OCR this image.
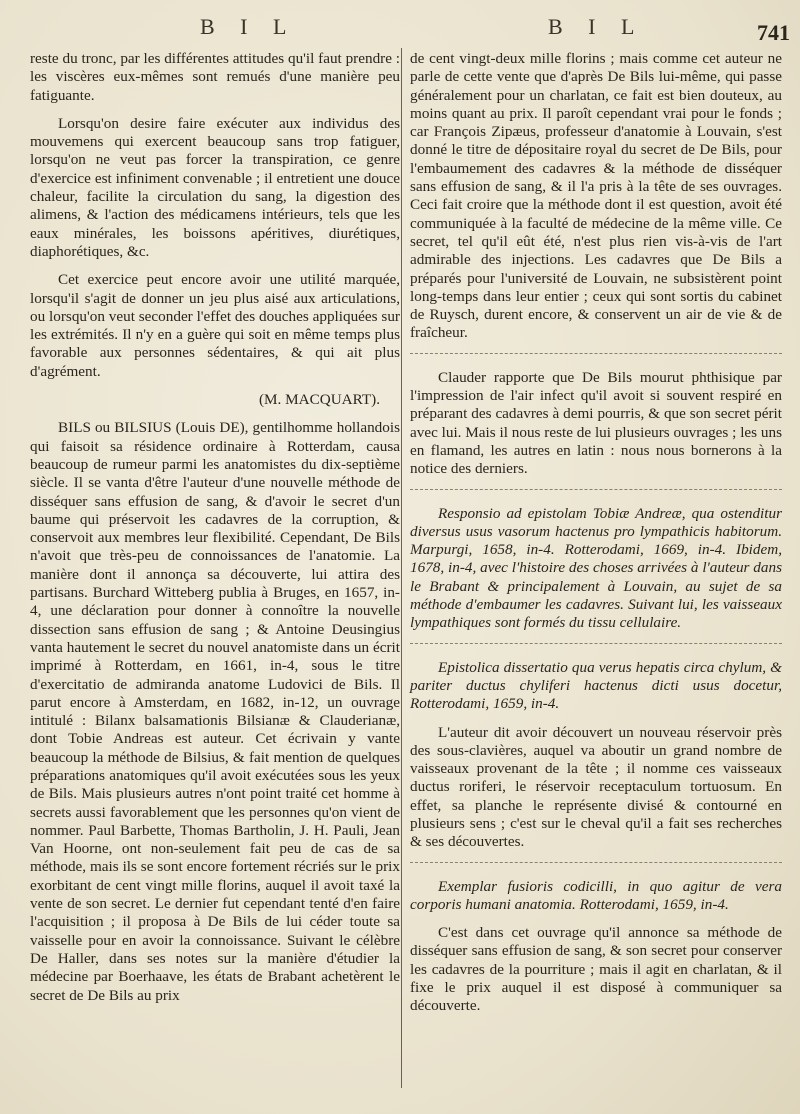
B I L	B I L	741

reste du tronc, par les différentes attitudes qu'il faut prendre : les viscères eux-mêmes sont remués d'une manière peu fatiguante.

Lorsqu'on desire faire exécuter aux individus des mouvemens qui exercent beaucoup sans trop fatiguer, lorsqu'on ne veut pas forcer la transpiration, ce genre d'exercice est infiniment convenable ; il entretient une douce chaleur, facilite la circulation du sang, la digestion des alimens, & l'action des médicamens intérieurs, tels que les eaux minérales, les boissons apéritives, diurétiques, diaphorétiques, &c.

Cet exercice peut encore avoir une utilité marquée, lorsqu'il s'agit de donner un jeu plus aisé aux articulations, ou lorsqu'on veut seconder l'effet des douches appliquées sur les extrémités. Il n'y en a guère qui soit en même temps plus favorable aux personnes sédentaires, & qui ait plus d'agrément.

(M. MACQUART).

BILS ou BILSIUS (Louis DE), gentilhomme hollandois qui faisoit sa résidence ordinaire à Rotterdam, causa beaucoup de rumeur parmi les anatomistes du dix-septième siècle. Il se vanta d'être l'auteur d'une nouvelle méthode de disséquer sans effusion de sang, & d'avoir le secret d'un baume qui préservoit les cadavres de la corruption, & conservoit aux membres leur flexibilité. Cependant, De Bils n'avoit que très-peu de connoissances de l'anatomie. La manière dont il annonça sa découverte, lui attira des partisans. Burchard Witteberg publia à Bruges, en 1657, in-4, une déclaration pour donner à connoître la nouvelle dissection sans effusion de sang ; & Antoine Deusingius vanta hautement le secret du nouvel anatomiste dans un écrit imprimé à Rotterdam, en 1661, in-4, sous le titre d'exercitatio de admiranda anatome Ludovici de Bils. Il parut encore à Amsterdam, en 1682, in-12, un ouvrage intitulé : Bilanx balsamationis Bilsianæ & Clauderianæ, dont Tobie Andreas est auteur. Cet écrivain y vante beaucoup la méthode de Bilsius, & fait mention de quelques préparations anatomiques qu'il avoit exécutées sous les yeux de Bils. Mais plusieurs autres n'ont point traité cet homme à secrets aussi favorablement que les personnes qu'on vient de nommer. Paul Barbette, Thomas Bartholin, J. H. Pauli, Jean Van Hoorne, ont non-seulement fait peu de cas de sa méthode, mais ils se sont encore fortement récriés sur le prix exorbitant de cent vingt mille florins, auquel il avoit taxé la vente de son secret. Le dernier fut cependant tenté d'en faire l'acquisition ; il proposa à De Bils de lui céder toute sa vaisselle pour en avoir la connoissance. Suivant le célèbre De Haller, dans ses notes sur la manière d'étudier la médecine par Boerhaave, les états de Brabant achetèrent le secret de De Bils au prix

de cent vingt-deux mille florins ; mais comme cet auteur ne parle de cette vente que d'après De Bils lui-même, qui passe généralement pour un charlatan, ce fait est bien douteux, au moins quant au prix. Il paroît cependant vrai pour le fonds ; car François Zipæus, professeur d'anatomie à Louvain, s'est donné le titre de dépositaire royal du secret de De Bils, pour l'embaumement des cadavres & la méthode de disséquer sans effusion de sang, & il l'a pris à la tête de ses ouvrages. Ceci fait croire que la méthode dont il est question, avoit été communiquée à la faculté de médecine de la même ville. Ce secret, tel qu'il eût été, n'est plus rien vis-à-vis de l'art admirable des injections. Les cadavres que De Bils a préparés pour l'université de Louvain, ne subsistèrent point long-temps dans leur entier ; ceux qui sont sortis du cabinet de Ruysch, durent encore, & conservent un air de vie & de fraîcheur.

Clauder rapporte que De Bils mourut phthisique par l'impression de l'air infect qu'il avoit si souvent respiré en préparant des cadavres à demi pourris, & que son secret périt avec lui. Mais il nous reste de lui plusieurs ouvrages ; les uns en flamand, les autres en latin : nous nous bornerons à la notice des derniers.

Responsio ad epistolam Tobiæ Andreæ, qua ostenditur diversus usus vasorum hactenus pro lympathicis habitorum. Marpurgi, 1658, in-4. Rotterodami, 1669, in-4. Ibidem, 1678, in-4, avec l'histoire des choses arrivées à l'auteur dans le Brabant & principalement à Louvain, au sujet de sa méthode d'embaumer les cadavres. Suivant lui, les vaisseaux lympathiques sont formés du tissu cellulaire.

Epistolica dissertatio qua verus hepatis circa chylum, & pariter ductus chyliferi hactenus dicti usus docetur, Rotterodami, 1659, in-4.

L'auteur dit avoir découvert un nouveau réservoir près des sous-clavières, auquel va aboutir un grand nombre de vaisseaux provenant de la tête ; il nomme ces vaisseaux ductus roriferi, le réservoir receptaculum tortuosum. En effet, sa planche le représente divisé & contourné en plusieurs sens ; c'est sur le cheval qu'il a fait ses recherches & ses découvertes.

Exemplar fusioris codicilli, in quo agitur de vera corporis humani anatomia. Rotterodami, 1659, in-4.

C'est dans cet ouvrage qu'il annonce sa méthode de disséquer sans effusion de sang, & son secret pour conserver les cadavres de la pourriture ; mais il agit en charlatan, & il fixe le prix auquel il est disposé à communiquer sa découverte.
